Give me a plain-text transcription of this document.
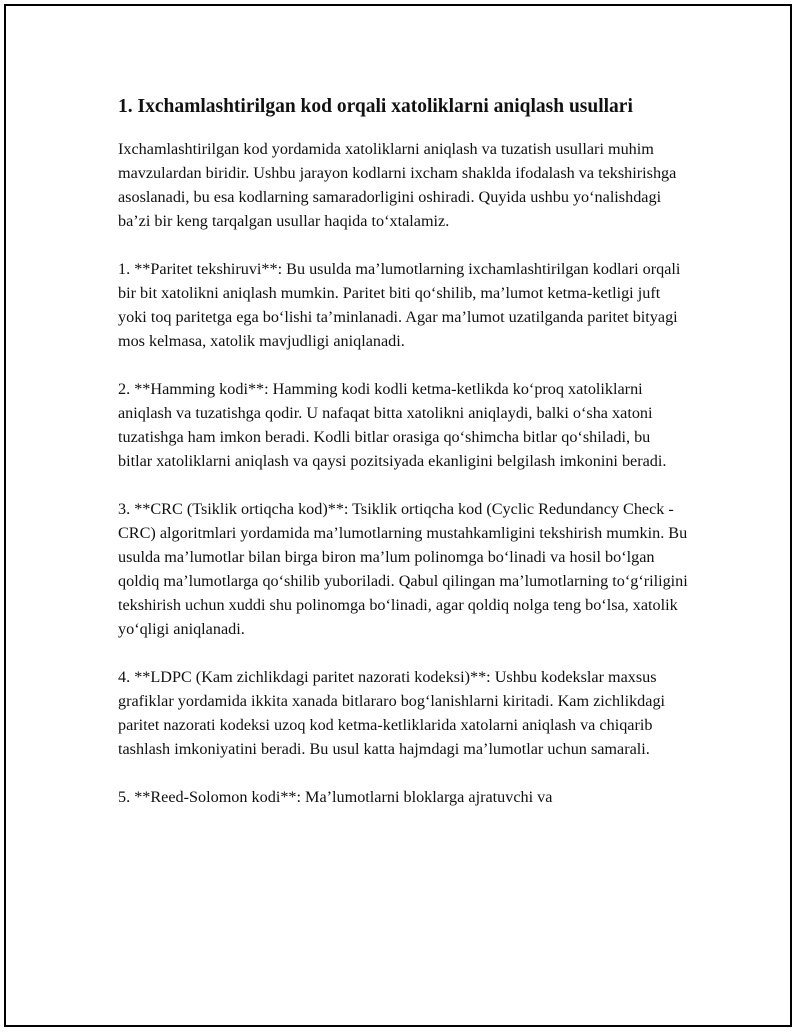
1. Ixchamlashtirilgan kod orqali xatoliklarni aniqlash usullari

Ixchamlashtirilgan kod yordamida xatoliklarni aniqlash va tuzatish usullari muhim mavzulardan biridir. Ushbu jarayon kodlarni ixcham shaklda ifodalash va tekshirishga asoslanadi, bu esa kodlarning samaradorligini oshiradi. Quyida ushbu yo‘nalishdagi ba’zi bir keng tarqalgan usullar haqida to‘xtalamiz.

1. **Paritet tekshiruvi**: Bu usulda ma’lumotlarning ixchamlashtirilgan kodlari orqali bir bit xatolikni aniqlash mumkin. Paritet biti qo‘shilib, ma’lumot ketma-ketligi juft yoki toq paritetga ega bo‘lishi ta’minlanadi. Agar ma’lumot uzatilganda paritet bityagi mos kelmasa, xatolik mavjudligi aniqlanadi.

2. **Hamming kodi**: Hamming kodi kodli ketma-ketlikda ko‘proq xatoliklarni aniqlash va tuzatishga qodir. U nafaqat bitta xatolikni aniqlaydi, balki o‘sha xatoni tuzatishga ham imkon beradi. Kodli bitlar orasiga qo‘shimcha bitlar qo‘shiladi, bu bitlar xatoliklarni aniqlash va qaysi pozitsiyada ekanligini belgilash imkonini beradi.

3. **CRC (Tsiklik ortiqcha kod)**: Tsiklik ortiqcha kod (Cyclic Redundancy Check - CRC) algoritmlari yordamida ma’lumotlarning mustahkamligini tekshirish mumkin. Bu usulda ma’lumotlar bilan birga biron ma’lum polinomga bo‘linadi va hosil bo‘lgan qoldiq ma’lumotlarga qo‘shilib yuboriladi. Qabul qilingan ma’lumotlarning to‘g‘riligini tekshirish uchun xuddi shu polinomga bo‘linadi, agar qoldiq nolga teng bo‘lsa, xatolik yo‘qligi aniqlanadi.

4. **LDPC (Kam zichlikdagi paritet nazorati kodeksi)**: Ushbu kodekslar maxsus grafiklar yordamida ikkita xanada bitlararo bog‘lanishlarni kiritadi. Kam zichlikdagi paritet nazorati kodeksi uzoq kod ketma-ketliklarida xatolarni aniqlash va chiqarib tashlash imkoniyatini beradi. Bu usul katta hajmdagi ma’lumotlar uchun samarali.

5. **Reed-Solomon kodi**: Ma’lumotlarni bloklarga ajratuvchi va
